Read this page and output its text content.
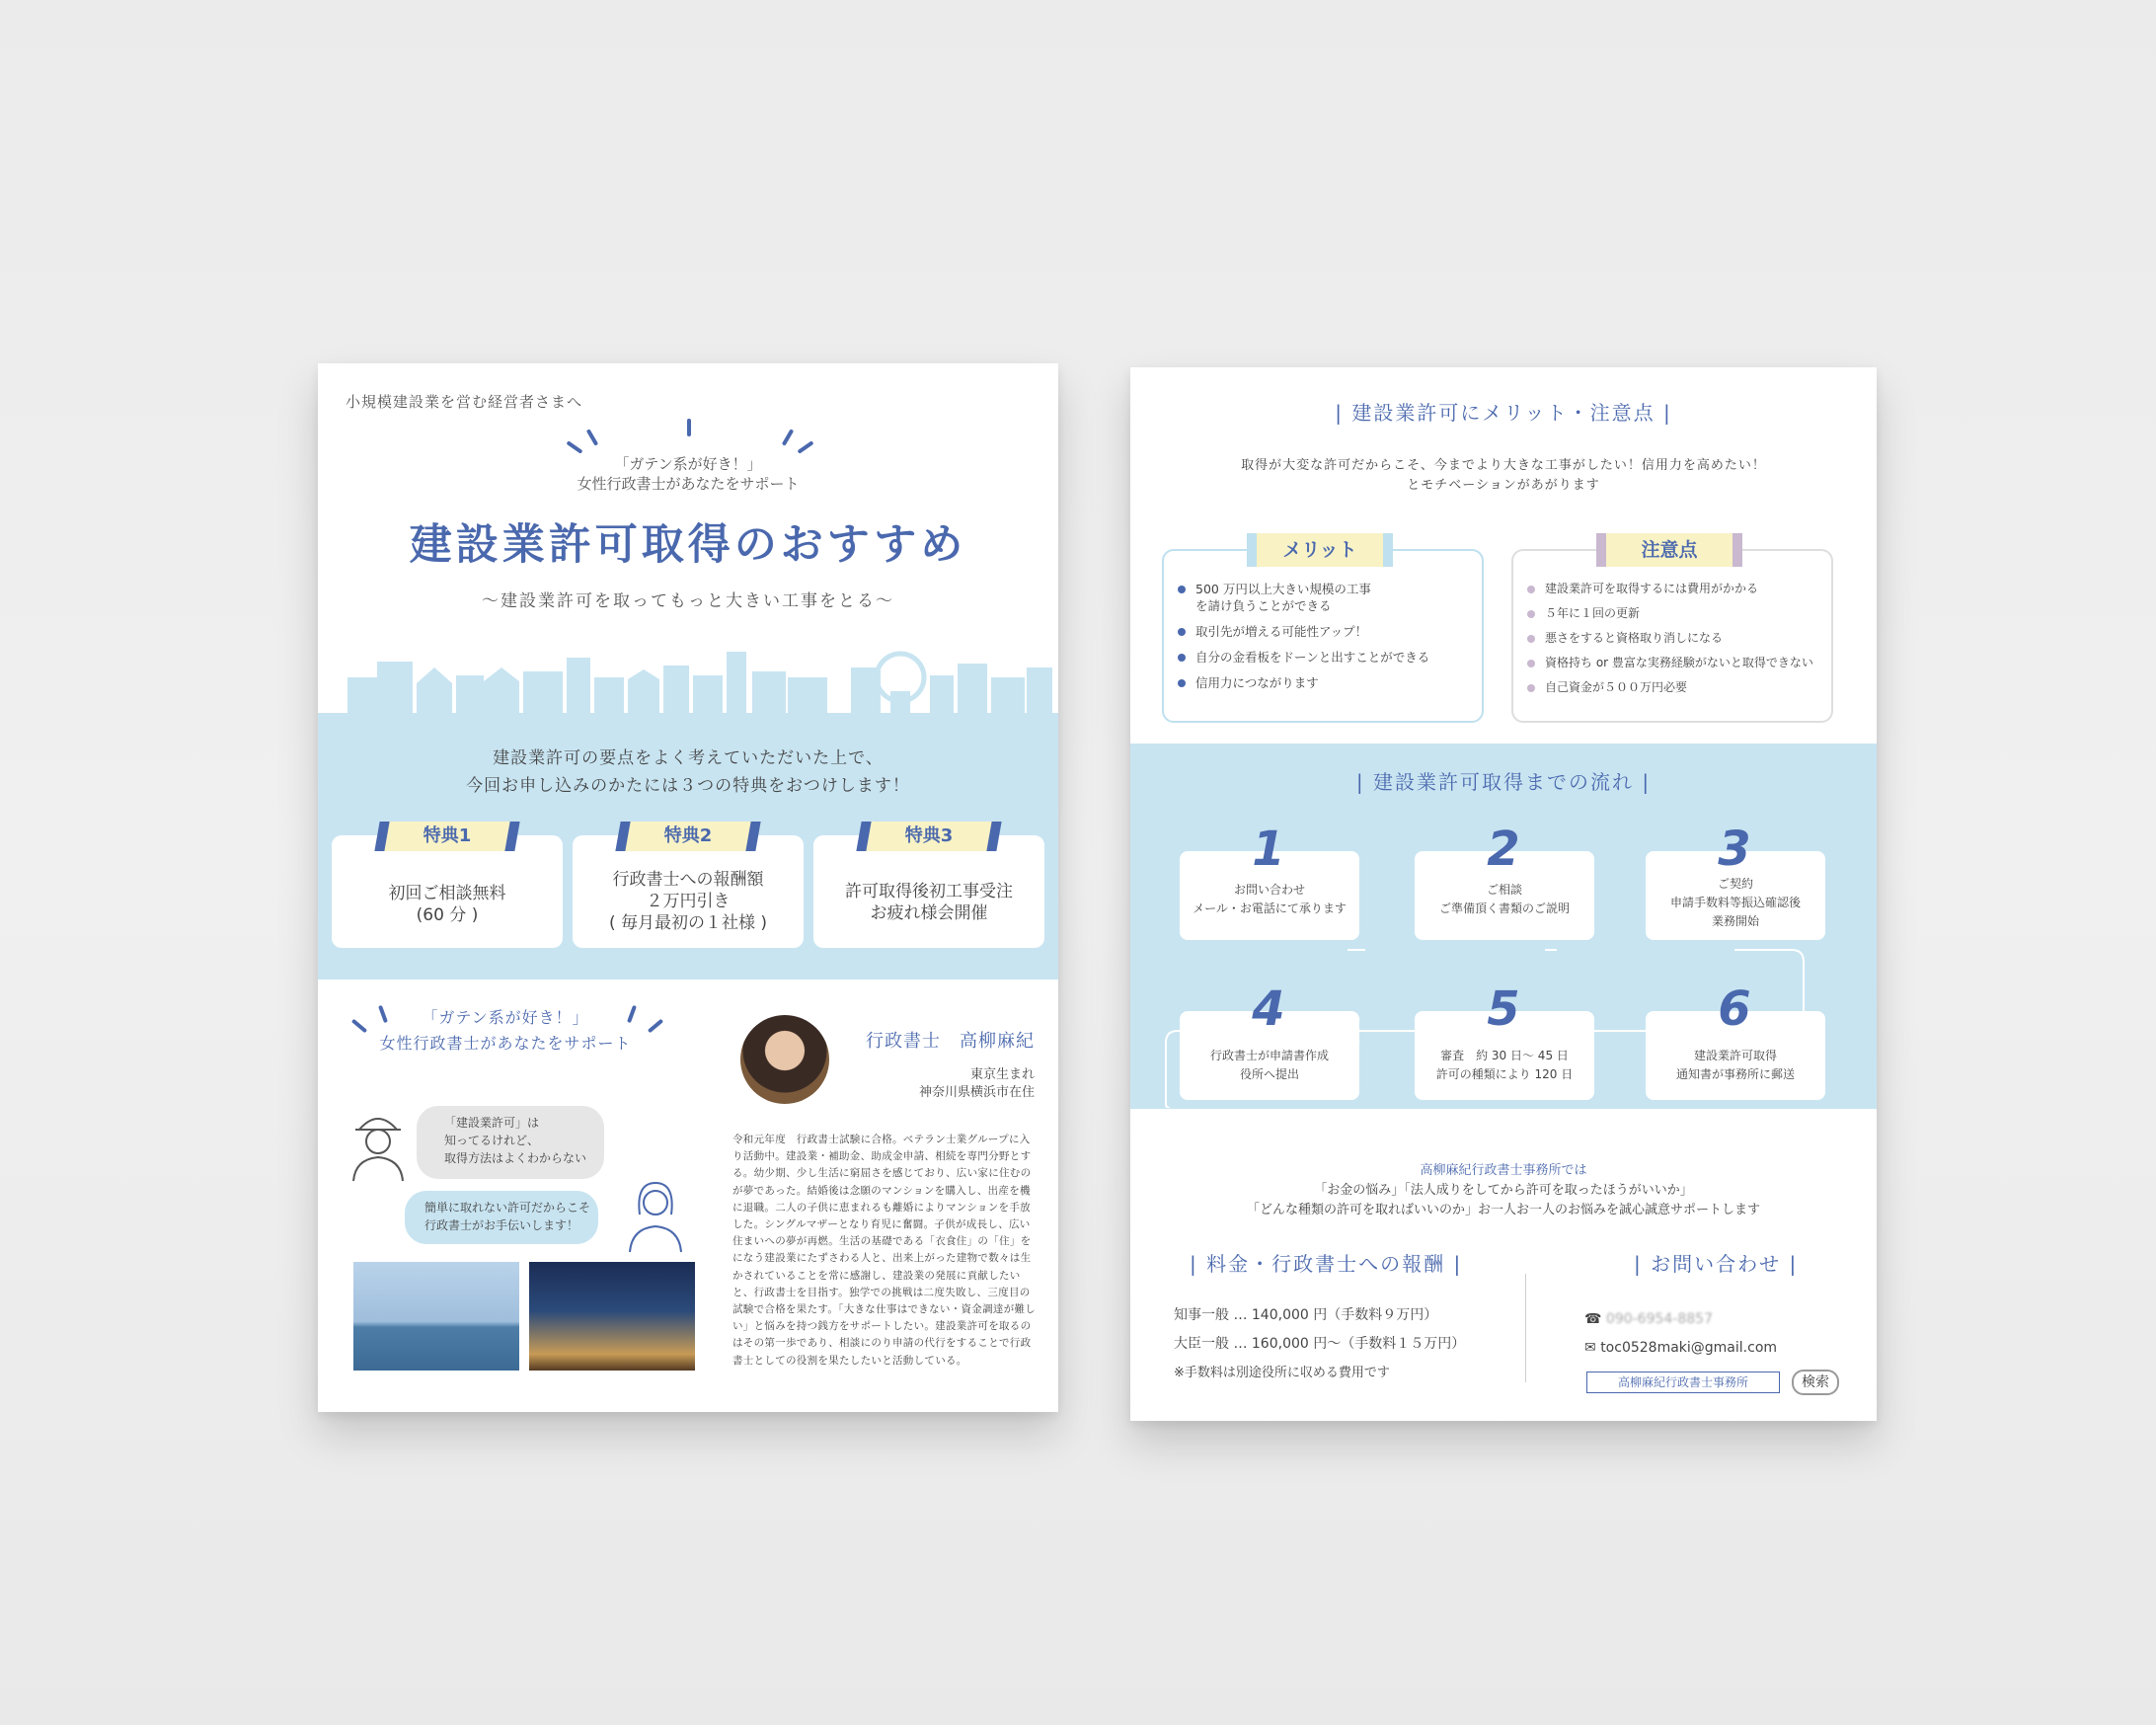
小規模建設業を営む経営者さまへ
「ガテン系が好き！」
女性行政書士があなたをサポート
建設業許可取得のおすすめ
〜建設業許可を取ってもっと大きい工事をとる〜
建設業許可の要点をよく考えていただいた上で、
今回お申し込みのかたには３つの特典をおつけします！
特典1
初回ご相談無料
(60 分 )
特典2
行政書士への報酬額
２万円引き
( 毎月最初の１社様 )
特典3
許可取得後初工事受注
お疲れ様会開催
「ガテン系が好き！」
女性行政書士があなたをサポート
「建設業許可」は
知ってるけれど、
取得方法はよくわからない
簡単に取れない許可だからこそ
行政書士がお手伝いします！
行政書士　高柳麻紀
東京生まれ
神奈川県横浜市在住
令和元年度　行政書士試験に合格。ベテラン士業グループに入り活動中。建設業・補助金、助成金申請、相続を専門分野とする。幼少期、少し生活に窮屈さを感じており、広い家に住むのが夢であった。結婚後は念願のマンションを購入し、出産を機に退職。二人の子供に恵まれるも離婚によりマンションを手放した。シングルマザーとなり育児に奮闘。子供が成長し、広い住まいへの夢が再燃。生活の基礎である「衣食住」の「住」をになう建設業にたずさわる人と、出来上がった建物で数々は生かされていることを常に感謝し、建設業の発展に貢献したいと、行政書士を目指す。独学での挑戦は二度失敗し、三度目の試験で合格を果たす。「大きな仕事はできない・資金調達が難しい」と悩みを持つ銭方をサポートしたい。建設業許可を取るのはその第一歩であり、相談にのり申請の代行をすることで行政書士としての役割を果たしたいと活動している。
| 建設業許可にメリット・注意点 |
取得が大変な許可だからこそ、今までより大きな工事がしたい！信用力を高めたい！
とモチベーションがあがります
メリット
500 万円以上大きい規模の工事を請け負うことができる
取引先が増える可能性アップ！
自分の金看板をドーンと出すことができる
信用力につながります
注意点
建設業許可を取得するには費用がかかる
５年に１回の更新
悪さをすると資格取り消しになる
資格持ち or 豊富な実務経験がないと取得できない
自己資金が５００万円必要
| 建設業許可取得までの流れ |
1
お問い合わせ
メール・お電話にて承ります
2
ご相談
ご準備頂く書類のご説明
3
ご契約
申請手数料等振込確認後
業務開始
4
行政書士が申請書作成
役所へ提出
5
審査　約 30 日〜 45 日
許可の種類により 120 日
6
建設業許可取得
通知書が事務所に郵送
高柳麻紀行政書士事務所では
「お金の悩み」「法人成りをしてから許可を取ったほうがいいか」
「どんな種類の許可を取ればいいのか」お一人お一人のお悩みを誠心誠意サポートします
| 料金・行政書士への報酬 |
知事一般 … 140,000 円（手数料９万円）
大臣一般 … 160,000 円〜（手数料１５万円）
※手数料は別途役所に収める費用です
| お問い合わせ |
☎ 090-6954-8857
✉ toc0528maki@gmail.com
高柳麻紀行政書士事務所	検索
